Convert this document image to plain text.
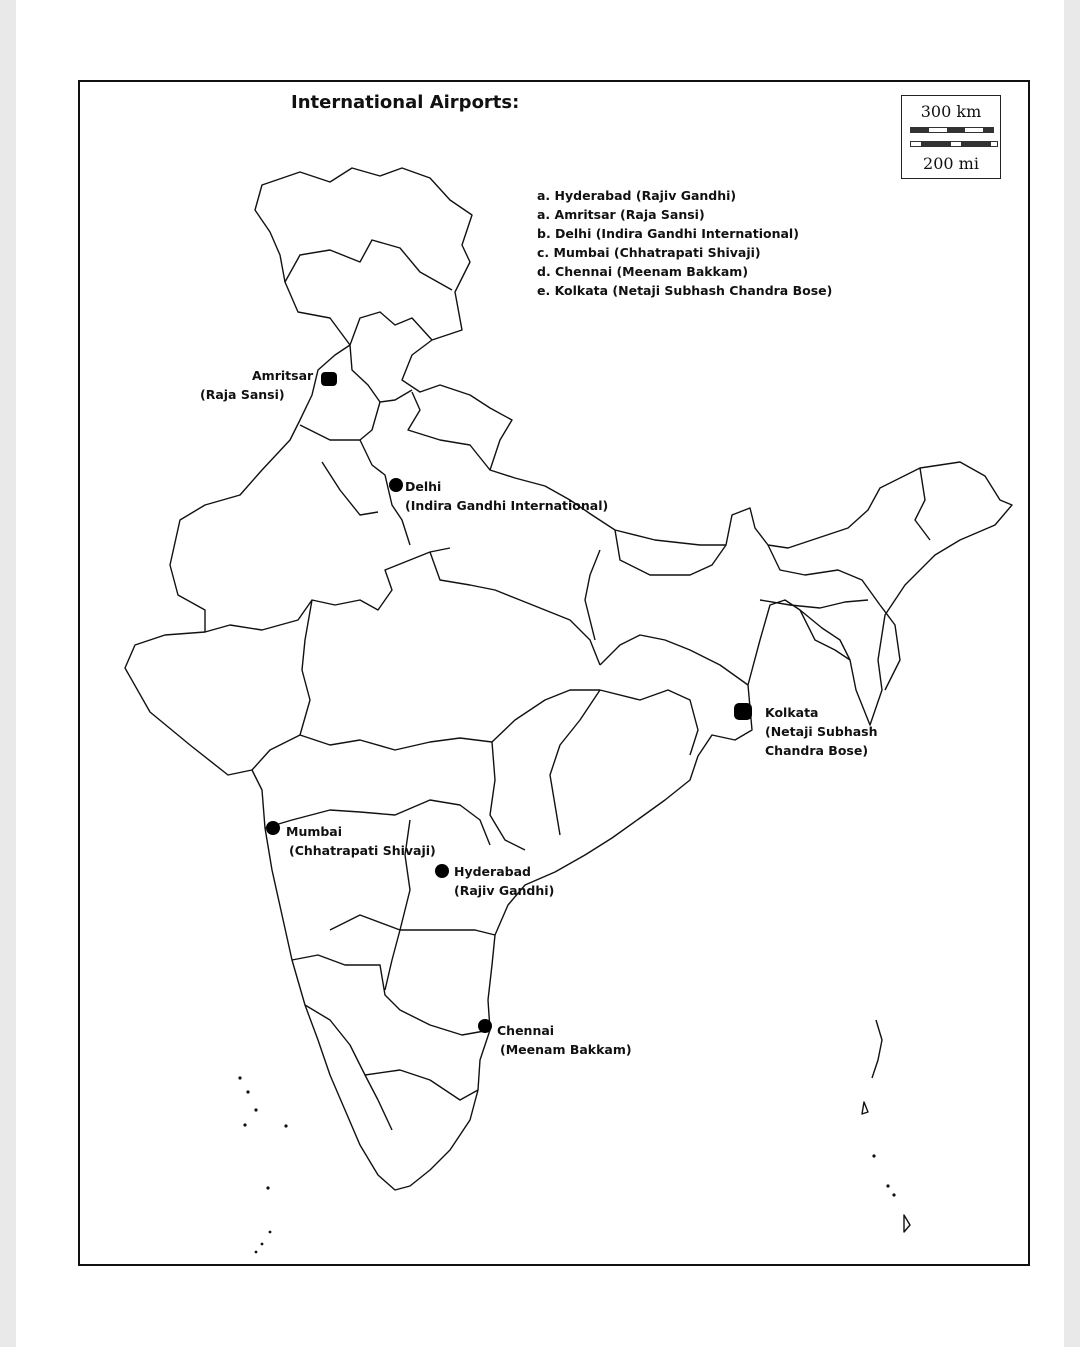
International Airports:	300 km
200 mi
a. Hyderabad (Rajiv Gandhi)
a. Amritsar (Raja Sansi)
b. Delhi (Indira Gandhi International)
c. Mumbai (Chhatrapati Shivaji)
d. Chennai (Meenam Bakkam)
e. Kolkata (Netaji Subhash Chandra Bose)
Amritsar
(Raja Sansi)
Delhi
(Indira Gandhi International)
Kolkata
(Netaji Subhash
Chandra Bose)
Mumbai
(Chhatrapati Shivaji)
Hyderabad
(Rajiv Gandhi)
Chennai
(Meenam Bakkam)
